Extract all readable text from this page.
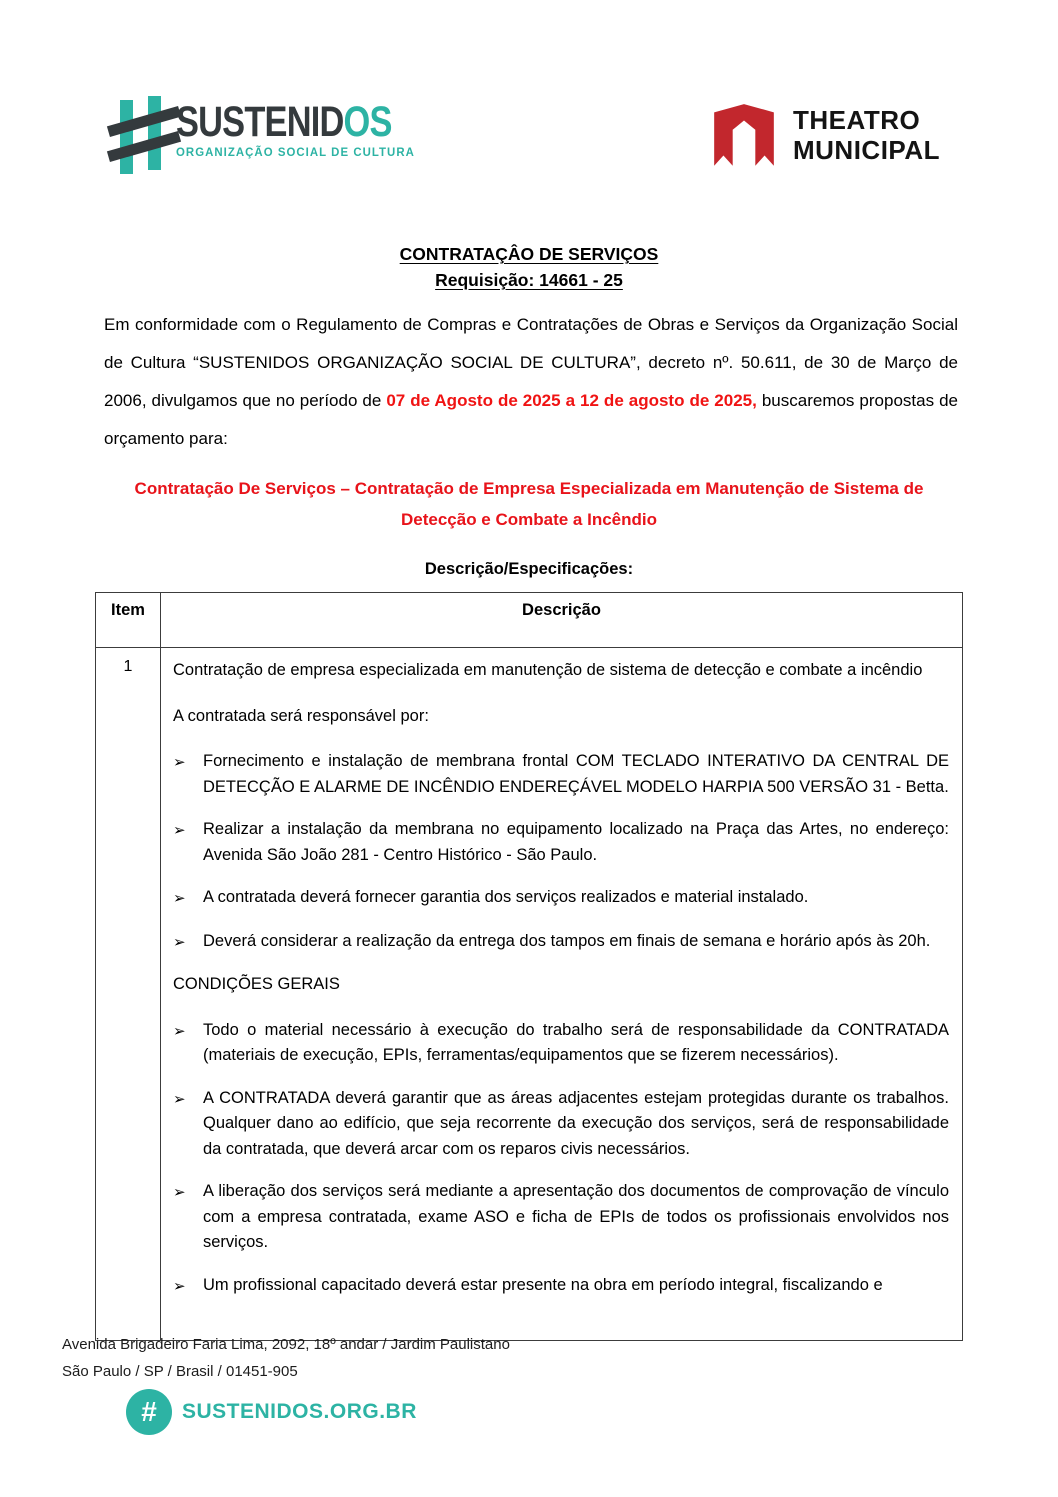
SUSTENIDOS
ORGANIZAÇÃO SOCIAL DE CULTURA
THEATRO
MUNICIPAL
CONTRATAÇÂO DE SERVIÇOS
Requisição: 14661 - 25
Em conformidade com o Regulamento de Compras e Contratações de Obras e Serviços da Organização Social de Cultura “SUSTENIDOS ORGANIZAÇÃO SOCIAL DE CULTURA”, decreto nº. 50.611, de 30 de Março de 2006, divulgamos que no período de 07 de Agosto de 2025 a 12 de agosto de 2025, buscaremos propostas de orçamento para:
Contratação De Serviços – Contratação de Empresa Especializada em Manutenção de Sistema de
Detecção e Combate a Incêndio
Descrição/Especificações:
Item	Descrição
1	Contratação de empresa especializada em manutenção de sistema de detecção e combate a incêndio
A contratada será responsável por:
➢	Fornecimento e instalação de membrana frontal COM TECLADO INTERATIVO DA CENTRAL DE DETECÇÃO E ALARME DE INCÊNDIO ENDEREÇÁVEL MODELO HARPIA 500 VERSÃO 31 - Betta.
➢	Realizar a instalação da membrana no equipamento localizado na Praça das Artes, no endereço: Avenida São João 281 - Centro Histórico - São Paulo.
➢	A contratada deverá fornecer garantia dos serviços realizados e material instalado.
➢	Deverá considerar a realização da entrega dos tampos em finais de semana e horário após às 20h.
CONDIÇÕES GERAIS
➢	Todo o material necessário à execução do trabalho será de responsabilidade da CONTRATADA (materiais de execução, EPIs, ferramentas/equipamentos que se fizerem necessários).
➢	A CONTRATADA deverá garantir que as áreas adjacentes estejam protegidas durante os trabalhos. Qualquer dano ao edifício, que seja recorrente da execução dos serviços, será de responsabilidade da contratada, que deverá arcar com os reparos civis necessários.
➢	A liberação dos serviços será mediante a apresentação dos documentos de comprovação de vínculo com a empresa contratada, exame ASO e ficha de EPIs de todos os profissionais envolvidos nos serviços.
➢	Um profissional capacitado deverá estar presente na obra em período integral, fiscalizando e
Avenida Brigadeiro Faria Lima, 2092, 18º andar / Jardim Paulistano
São Paulo / SP / Brasil / 01451-905
#	SUSTENIDOS.ORG.BR
